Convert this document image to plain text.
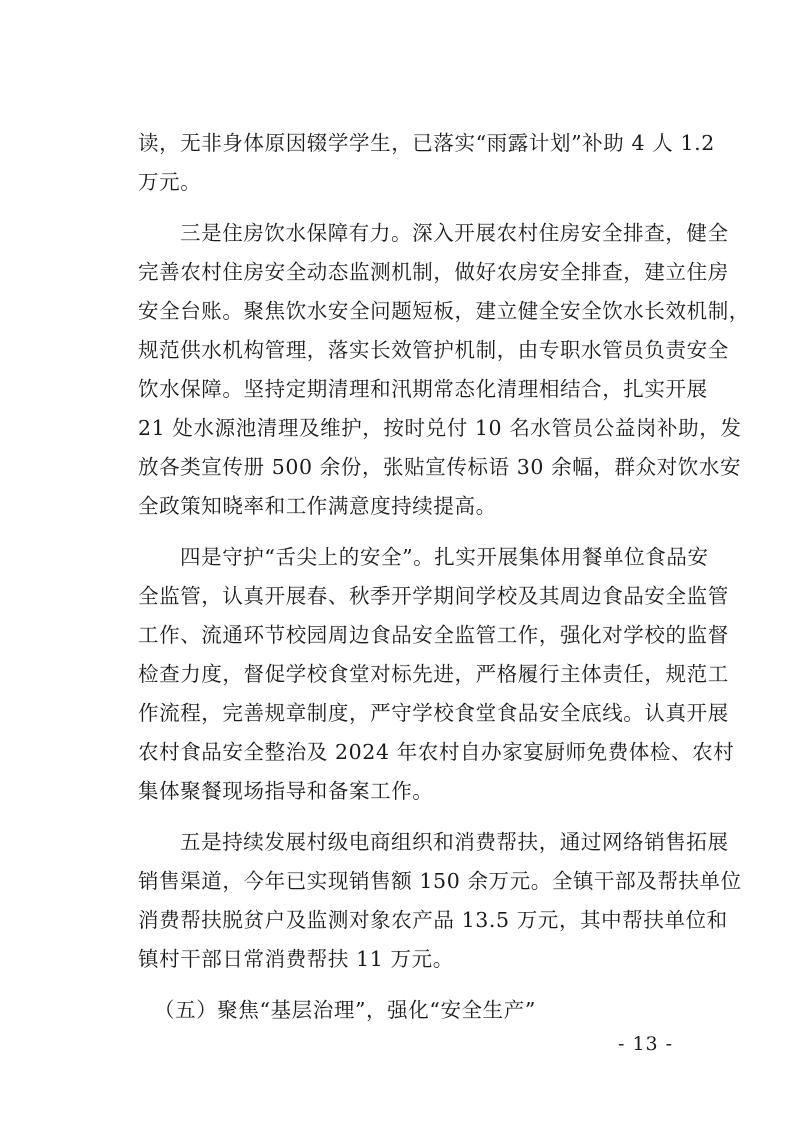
读，无非身体原因辍学学生，已落实“雨露计划”补助 4 人 1.2
万元。
三是住房饮水保障有力。深入开展农村住房安全排查，健全
完善农村住房安全动态监测机制，做好农房安全排查，建立住房
安全台账。聚焦饮水安全问题短板，建立健全安全饮水长效机制，
规范供水机构管理，落实长效管护机制，由专职水管员负责安全
饮水保障。坚持定期清理和汛期常态化清理相结合，扎实开展
21 处水源池清理及维护，按时兑付 10 名水管员公益岗补助，发
放各类宣传册 500 余份，张贴宣传标语 30 余幅，群众对饮水安
全政策知晓率和工作满意度持续提高。
四是守护“舌尖上的安全”。扎实开展集体用餐单位食品安
全监管，认真开展春、秋季开学期间学校及其周边食品安全监管
工作、流通环节校园周边食品安全监管工作，强化对学校的监督
检查力度，督促学校食堂对标先进，严格履行主体责任，规范工
作流程，完善规章制度，严守学校食堂食品安全底线。认真开展
农村食品安全整治及 2024 年农村自办家宴厨师免费体检、农村
集体聚餐现场指导和备案工作。
五是持续发展村级电商组织和消费帮扶，通过网络销售拓展
销售渠道，今年已实现销售额 150 余万元。全镇干部及帮扶单位
消费帮扶脱贫户及监测对象农产品 13.5 万元，其中帮扶单位和
镇村干部日常消费帮扶 11 万元。
（五）聚焦“基层治理”，强化“安全生产”
- 13 -
